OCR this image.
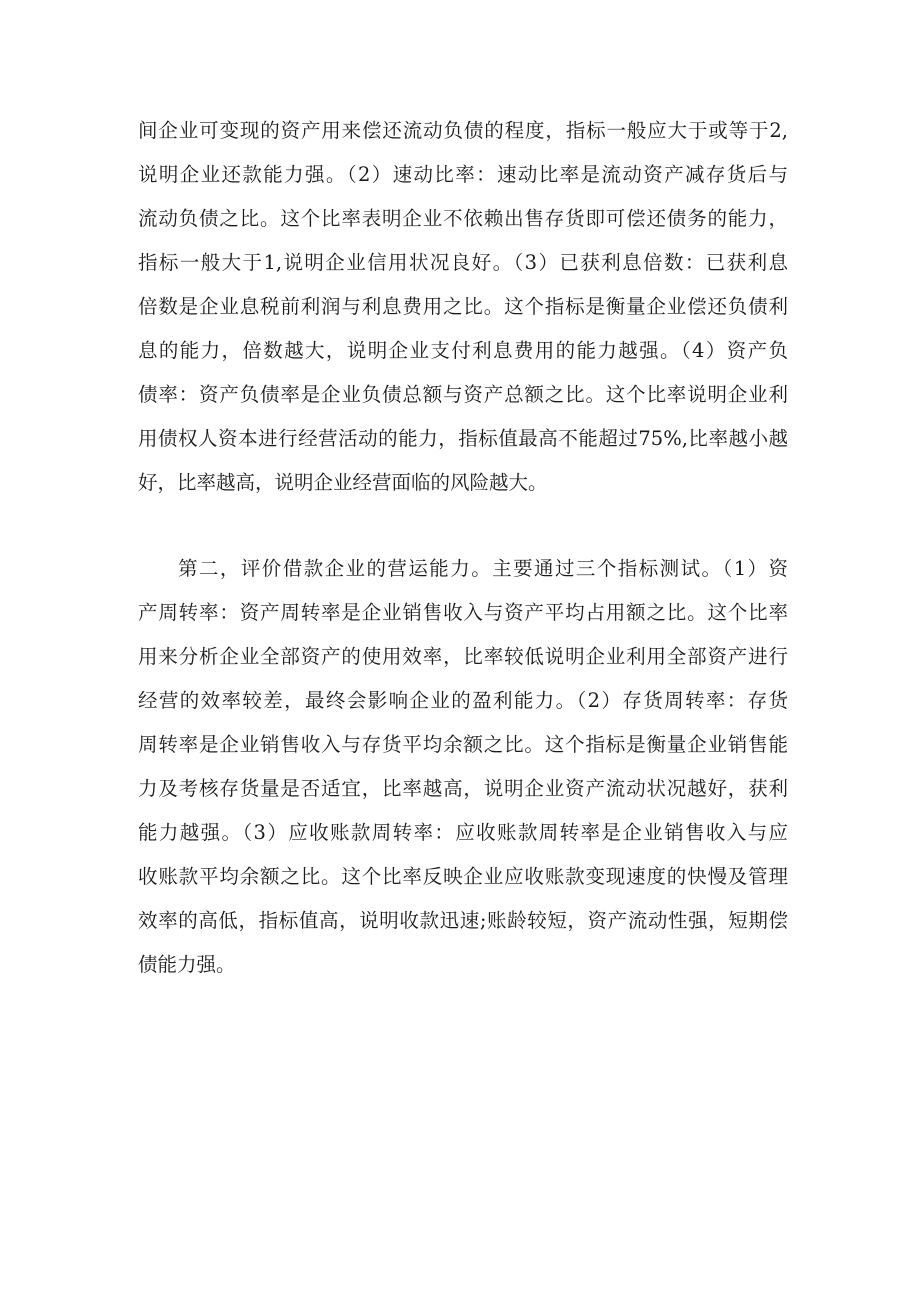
间企业可变现的资产用来偿还流动负债的程度，指标一般应大于或等于2,
说明企业还款能力强。（2）速动比率：速动比率是流动资产减存货后与
流动负债之比。这个比率表明企业不依赖出售存货即可偿还债务的能力，
指标一般大于1,说明企业信用状况良好。（3）已获利息倍数：已获利息
倍数是企业息税前利润与利息费用之比。这个指标是衡量企业偿还负债利
息的能力，倍数越大，说明企业支付利息费用的能力越强。（4）资产负
债率：资产负债率是企业负债总额与资产总额之比。这个比率说明企业利
用债权人资本进行经营活动的能力，指标值最高不能超过75%,比率越小越
好，比率越高，说明企业经营面临的风险越大。
第二，评价借款企业的营运能力。主要通过三个指标测试。（1）资
产周转率：资产周转率是企业销售收入与资产平均占用额之比。这个比率
用来分析企业全部资产的使用效率，比率较低说明企业利用全部资产进行
经营的效率较差，最终会影响企业的盈利能力。（2）存货周转率：存货
周转率是企业销售收入与存货平均余额之比。这个指标是衡量企业销售能
力及考核存货量是否适宜，比率越高，说明企业资产流动状况越好，获利
能力越强。（3）应收账款周转率：应收账款周转率是企业销售收入与应
收账款平均余额之比。这个比率反映企业应收账款变现速度的快慢及管理
效率的高低，指标值高，说明收款迅速;账龄较短，资产流动性强，短期偿
债能力强。
